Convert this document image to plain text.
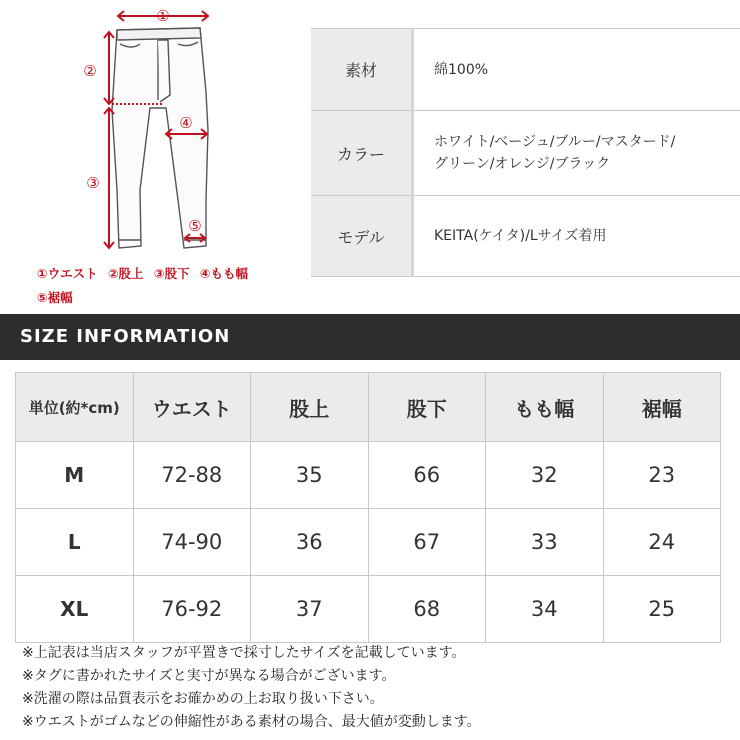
①
②
③
④
⑤
①ウエスト ②股上 ③股下 ④もも幅
⑤裾幅
素材	綿100%

カラー	ホワイト/ベージュ/ブルー/マスタード/
グリーン/オレンジ/ブラック

モデル	KEITA(ケイタ)/Lサイズ着用
SIZE INFORMATION
単位(約*cm)	ウエスト	股上	股下	もも幅	裾幅
M	72-88	35	66	32	23
L	74-90	36	67	33	24
XL	76-92	37	68	34	25
※上記表は当店スタッフが平置きで採寸したサイズを記載しています。
※タグに書かれたサイズと実寸が異なる場合がございます。
※洗濯の際は品質表示をお確かめの上お取り扱い下さい。
※ウエストがゴムなどの伸縮性がある素材の場合、最大値が変動します。
